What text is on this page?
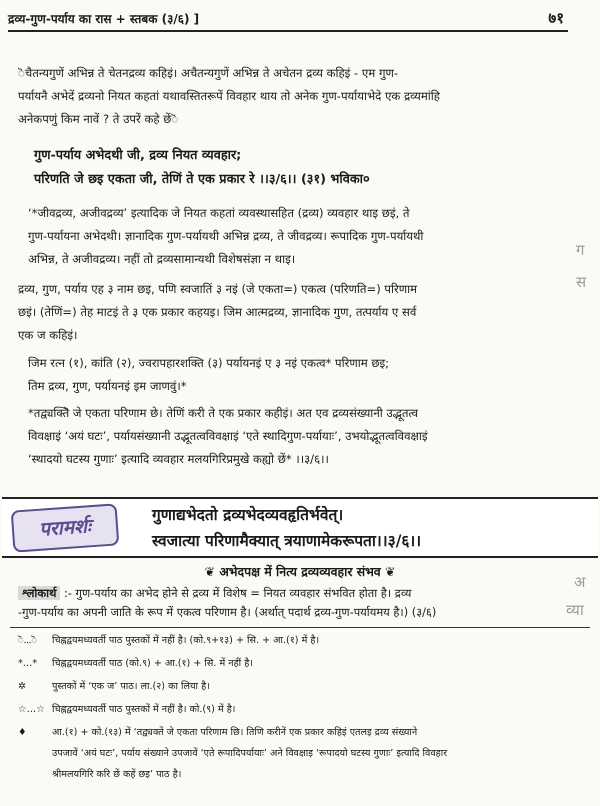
द्रव्य-गुण-पर्याय का रास + स्तबक (३/६) ]	७१
ग
स
अ
व्या
ॆचैतन्यगुणें अभिन्न ते चेतनद्रव्य कहिइं। अचैतन्यगुणें अभिन्न ते अचेतन द्रव्य कहिइं - एम गुण-
पर्यायनै अभेदें द्रव्यनो नियत कहतां यथावस्तितरूपें विवहार थाय तो अनेक गुण-पर्यायाभेदे एक द्रव्यमांहि
अनेकपणुं किम नावें ? ते उपरें कहे छेंॆ
गुण-पर्याय अभेदथी जी, द्रव्य नियत व्यवहार;
परिणति जे छइ एकता जी, तेणिं ते एक प्रकार रे ।।३/६।। (३१) भविका०
‘*जीवद्रव्य, अजीवद्रव्य’ इत्यादिक जे नियत कहतां व्यवस्थासहित (द्रव्य) व्यवहार थाइ छइं, ते
गुण-पर्यायना अभेदथी। ज्ञानादिक गुण-पर्यायथी अभिन्न द्रव्य, ते जीवद्रव्य। रूपादिक गुण-पर्यायथी
अभिन्न, ते अजीवद्रव्य। नहीं तो द्रव्यसामान्यथी विशेषसंज्ञा न थाइ।
द्रव्य, गुण, पर्याय एह ३ नाम छइ, पणि स्वजातिं ३ नइं (जे एकता=) एकत्व (परिणति=) परिणाम
छइं। (तेणिं=) तेह माटइं ते ३ एक प्रकार कहयइ। जिम आत्मद्रव्य, ज्ञानादिक गुण, तत्पर्याय ए सर्व
एक ज कहिइं।
जिम रत्न (१), कांति (२), ज्वरापहारशक्ति (३) पर्यायनइं ए ३ नइं एकत्व* परिणाम छइ;
तिम द्रव्य, गुण, पर्यायनइं इम जाणवुं।*
*तद्व्यक्तिॆ जे एकता परिणाम छे। तेणिं करी ते एक प्रकार कहीइं। अत एव द्रव्यसंख्यानी उद्भूतत्व
विवक्षाइं ‘अयं घटः’, पर्यायसंख्यानी उद्भूतत्वविवक्षाइं ‘एते स्थादिगुण-पर्यायाः’, उभयोद्भूतत्वविवक्षाइं
‘स्थादयो घटस्य गुणाः’ इत्यादि व्यवहार मलयगिरिप्रमुखे कह्यो छें* ।।३/६।।
परामर्शः
गुणाद्यभेदतो द्रव्यभेदव्यवहृतिर्भवेत्।
स्वजात्या परिणामैक्यात् त्रयाणामेकरूपता।।३/६।।
❦ अभेदपक्ष में नित्य द्रव्यव्यवहार संभव ❦
श्लोकार्थ :- गुण-पर्याय का अभेद होने से द्रव्य में विशेष = नियत व्यवहार संभवित होता है। द्रव्य
-गुण-पर्याय का अपनी जाति के रूप में एकत्व परिणाम है। (अर्थात् पदार्थ द्रव्य-गुण-पर्यायमय है।) (३/६)
ॆ…ॆ चिह्नद्वयमध्यवर्ती पाठ पुस्तकों में नहीं है। (को.९+१३) + सि. + आ.(१) में है।
*…* चिह्नद्वयमध्यवर्ती पाठ (को.९) + आ.(१) + सि. में नहीं है।
✲	पुस्तकों में ‘एक ज’ पाठ। ला.(२) का लिया है।
☆…☆ चिह्नद्वयमध्यवर्ती पाठ पुस्तकों में नहीं है। को.(९) में है।
♦	आ.(१) + को.(१३) में ‘तद्व्यक्तें जे एकता परिणाम छि। तिणि करीनें एक प्रकार कहिइं एतलइ द्रव्य संख्याने
उपजावें ‘अयं घटः’, पर्याय संख्याने उपजावें ‘एते रूपादिपर्यायाः’ अने विवक्षाइ ‘रूपादयो घटस्य गुणाः’ इत्यादि विवहार
श्रीमलयगिरि करि छें कहें छइ’ पाठ है।
